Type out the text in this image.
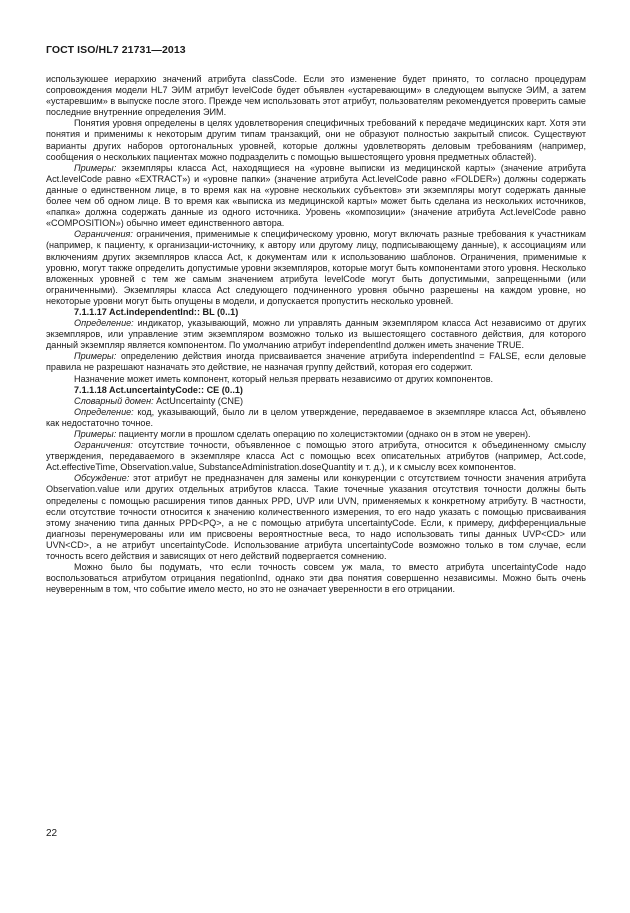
ГОСТ ISO/HL7 21731—2013

используюшее иерархию значений атрибута classCode. Если это изменение будет принято, то согласно процедурам сопровождения модели HL7 ЭИМ атрибут levelCode будет объявлен «устаревающим» в следующем выпуске ЭИМ, а затем «устаревшим» в выпуске после этого. Прежде чем использовать этот атрибут, пользователям рекомендуется проверить самые последние внутренние определения ЭИМ.

Понятия уровня определены в целях удовлетворения специфичных требований к передаче медицинских карт. Хотя эти понятия и применимы к некоторым другим типам транзакций, они не образуют полностью закрытый список. Существуют варианты других наборов ортогональных уровней, которые должны удовлетворять деловым требованиям (например, сообщения о нескольких пациентах можно подразделить с помощью вышестоящего уровня предметных областей).

Примеры: экземпляры класса Act, находящиеся на «уровне выписки из медицинской карты» (значение атрибута Act.levelCode равно «EXTRACT») и «уровне папки» (значение атрибута Act.levelCode равно «FOLDER») должны содержать данные о единственном лице, в то время как на «уровне нескольких субъектов» эти экземпляры могут содержать данные более чем об одном лице. В то время как «выписка из медицинской карты» может быть сделана из нескольких источников, «папка» должна содержать данные из одного источника. Уровень «композиции» (значение атрибута Act.levelCode равно «COMPOSITION») обычно имеет единственного автора.

Ограничения: ограничения, применимые к специфическому уровню, могут включать разные требования к участникам (например, к пациенту, к организации-источнику, к автору или другому лицу, подписывающему данные), к ассоциациям или включениям других экземпляров класса Act, к документам или к использованию шаблонов. Ограничения, применимые к уровню, могут также определить допустимые уровни экземпляров, которые могут быть компонентами этого уровня. Несколько вложенных уровней с тем же самым значением атрибута levelCode могут быть допустимыми, запрещенными (или ограниченными). Экземпляры класса Act следующего подчиненного уровня обычно разрешены на каждом уровне, но некоторые уровни могут быть опущены в модели, и допускается пропустить несколько уровней.

7.1.1.17 Act.independentInd:: BL (0..1)

Определение: индикатор, указывающий, можно ли управлять данным экземпляром класса Act независимо от других экземпляров, или управление этим экземпляром возможно только из вышестоящего составного действия, для которого данный экземпляр является компонентом. По умолчанию атрибут independentInd должен иметь значение TRUE.

Примеры: определению действия иногда присваивается значение атрибута independentInd = FALSE, если деловые правила не разрешают назначать это действие, не назначая группу действий, которая его содержит.

Назначение может иметь компонент, который нельзя прервать независимо от других компонентов.

7.1.1.18 Act.uncertaintyCode:: CE (0..1)

Словарный домен: ActUncertainty (CNE)

Определение: код, указывающий, было ли в целом утверждение, передаваемое в экземпляре класса Act, объявлено как недостаточно точное.

Примеры: пациенту могли в прошлом сделать операцию по холецистэктомии (однако он в этом не уверен).

Ограничения: отсутствие точности, объявленное с помощью этого атрибута, относится к объединенному смыслу утверждения, передаваемого в экземпляре класса Act с помощью всех описательных атрибутов (например, Act.code, Act.effectiveTime, Observation.value, SubstanceAdministration.doseQuantity и т. д.), и к смыслу всех компонентов.

Обсуждение: этот атрибут не предназначен для замены или конкуренции с отсутствием точности значения атрибута Observation.value или других отдельных атрибутов класса. Такие точечные указания отсутствия точности должны быть определены с помощью расширения типов данных PPD, UVP или UVN, применяемых к конкретному атрибуту. В частности, если отсутствие точности относится к значению количественного измерения, то его надо указать с помощью присваивания этому значению типа данных PPD<PQ>, а не с помощью атрибута uncertaintyCode. Если, к примеру, дифференциальные диагнозы перенумерованы или им присвоены вероятностные веса, то надо использовать типы данных UVP<CD> или UVN<CD>, а не атрибут uncertaintyCode. Использование атрибута uncertaintyCode возможно только в том случае, если точность всего действия и зависящих от него действий подвергается сомнению.

Можно было бы подумать, что если точность совсем уж мала, то вместо атрибута uncertaintyCode надо воспользоваться атрибутом отрицания negationInd, однако эти два понятия совершенно независимы. Можно быть очень неуверенным в том, что событие имело место, но это не означает уверенности в его отрицании.

22
